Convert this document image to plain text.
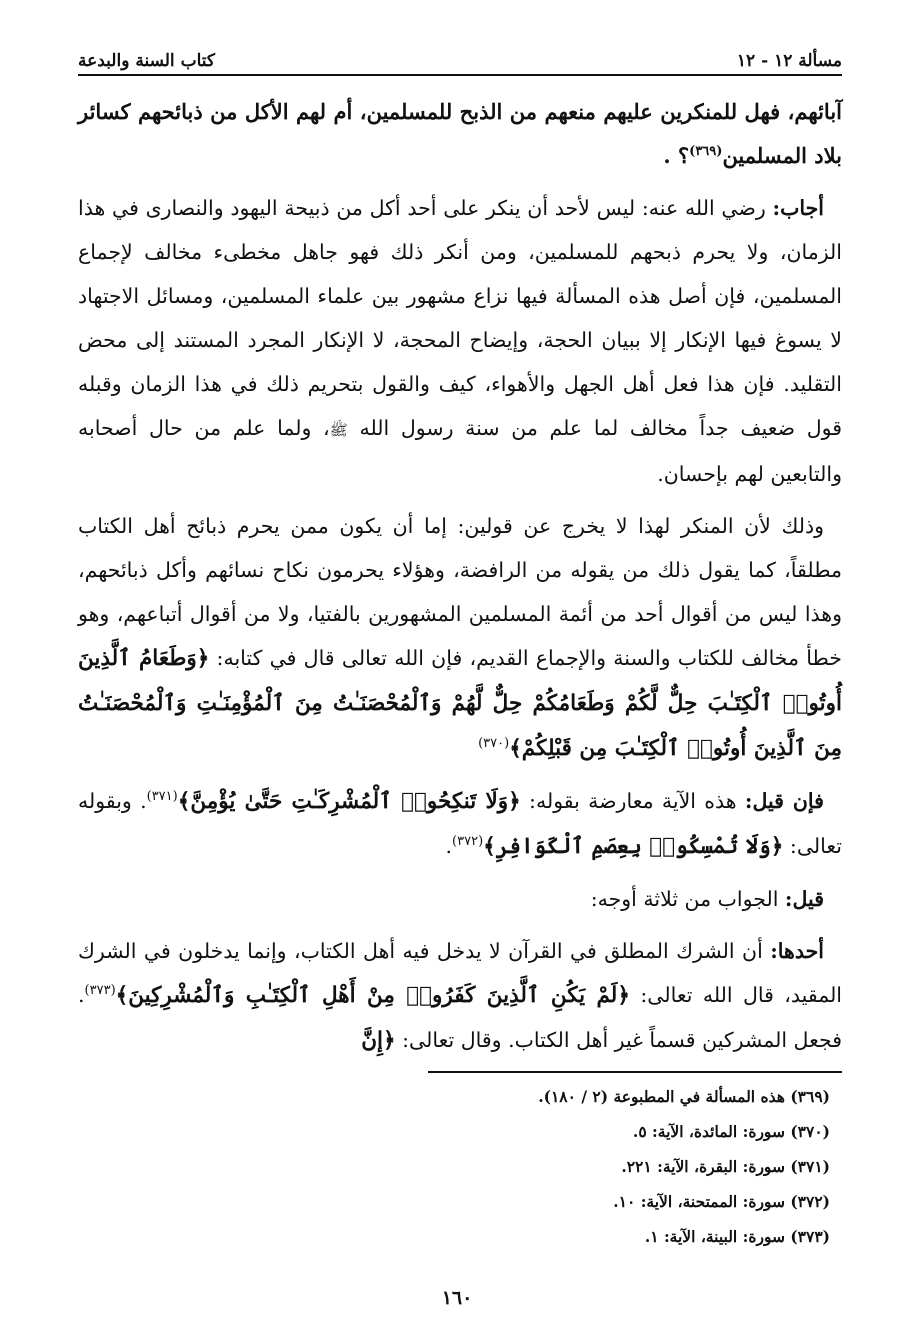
مسألة ١٢ - ١٢
كتاب السنة والبدعة

آبائهم، فهل للمنكرين عليهم منعهم من الذبح للمسلمين، أم لهم الأكل من ذبائحهم كسائر بلاد المسلمين$^{(٣٦٩)}$؟ .

أجاب: رضي الله عنه: ليس لأحد أن ينكر على أحد أكل من ذبيحة اليهود والنصارى في هذا الزمان، ولا يحرم ذبحهم للمسلمين، ومن أنكر ذلك فهو جاهل مخطىء مخالف لإجماع المسلمين، فإن أصل هذه المسألة فيها نزاع مشهور بين علماء المسلمين، ومسائل الاجتهاد لا يسوغ فيها الإنكار إلا ببيان الحجة، وإيضاح المحجة، لا الإنكار المجرد المستند إلى محض التقليد. فإن هذا فعل أهل الجهل والأهواء، كيف والقول بتحريم ذلك في هذا الزمان وقبله قول ضعيف جداً مخالف لما علم من سنة رسول الله ﷺ، ولما علم من حال أصحابه والتابعين لهم بإحسان.

وذلك لأن المنكر لهذا لا يخرج عن قولين: إما أن يكون ممن يحرم ذبائح أهل الكتاب مطلقاً، كما يقول ذلك من يقوله من الرافضة، وهؤلاء يحرمون نكاح نسائهم وأكل ذبائحهم، وهذا ليس من أقوال أحد من أئمة المسلمين المشهورين بالفتيا، ولا من أقوال أتباعهم، وهو خطأ مخالف للكتاب والسنة والإجماع القديم، فإن الله تعالى قال في كتابه: ﴿وَطَعَامُ ٱلَّذِينَ أُوتُوا۟ ٱلْكِتَـٰبَ حِلٌّ لَّكُمْ وَطَعَامُكُمْ حِلٌّ لَّهُمْ وَٱلْمُحْصَنَـٰتُ مِنَ ٱلْمُؤْمِنَـٰتِ وَٱلْمُحْصَنَـٰتُ مِنَ ٱلَّذِينَ أُوتُوا۟ ٱلْكِتَـٰبَ مِن قَبْلِكُمْ﴾$^{(٣٧٠)}$

فإن قيل: هذه الآية معارضة بقوله: ﴿وَلَا تَنكِحُوا۟ ٱلْمُشْرِكَـٰتِ حَتَّىٰ يُؤْمِنَّ﴾$^{(٣٧١)}$. وبقوله تعالى: ﴿وَلَا تُمْسِكُوا۟ بِعِصَمِ ٱلْكَوَافِرِ﴾$^{(٣٧٢)}$.

قيل: الجواب من ثلاثة أوجه:

أحدها: أن الشرك المطلق في القرآن لا يدخل فيه أهل الكتاب، وإنما يدخلون في الشرك المقيد، قال الله تعالى: ﴿لَمْ يَكُنِ ٱلَّذِينَ كَفَرُوا۟ مِنْ أَهْلِ ٱلْكِتَـٰبِ وَٱلْمُشْرِكِينَ﴾$^{(٣٧٣)}$. فجعل المشركين قسماً غير أهل الكتاب. وقال تعالى: ﴿إِنَّ

(٣٦٩) هذه المسألة في المطبوعة (٢ / ١٨٠).
(٣٧٠) سورة: المائدة، الآية: ٥.
(٣٧١) سورة: البقرة، الآية: ٢٢١.
(٣٧٢) سورة: الممتحنة، الآية: ١٠.
(٣٧٣) سورة: البينة، الآية: ١.
١٦٠
